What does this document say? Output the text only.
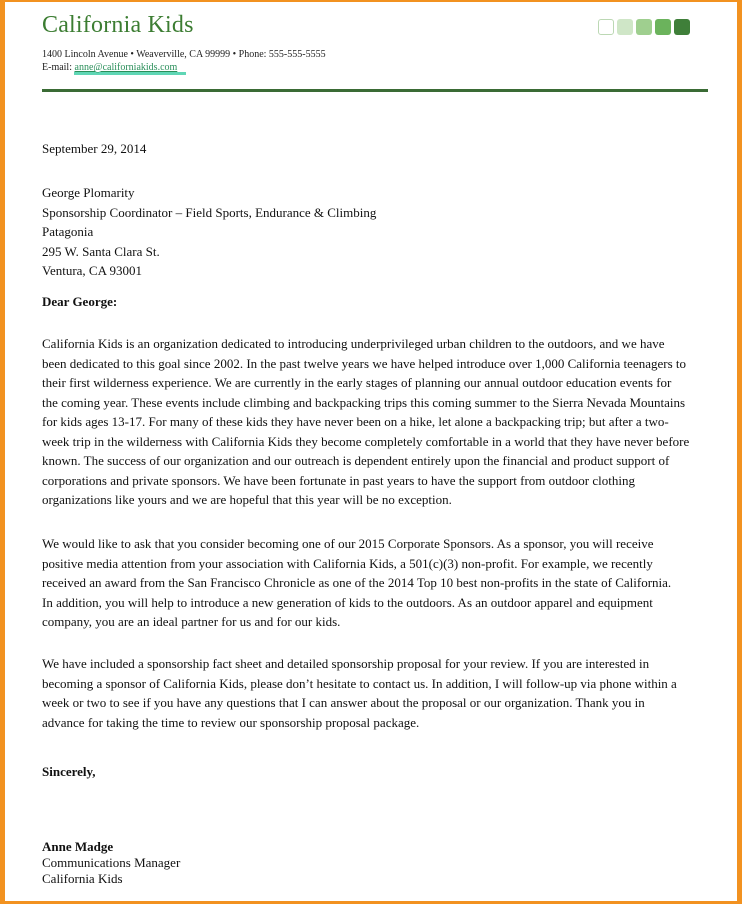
California Kids
1400 Lincoln Avenue • Weaverville, CA 99999 • Phone: 555-555-5555
E-mail: anne@californiakids.com
September 29, 2014
George Plomarity
Sponsorship Coordinator – Field Sports, Endurance & Climbing
Patagonia
295 W. Santa Clara St.
Ventura, CA 93001
Dear George:
California Kids is an organization dedicated to introducing underprivileged urban children to the outdoors, and we have
been dedicated to this goal since 2002. In the past twelve years we have helped introduce over 1,000 California teenagers to
their first wilderness experience. We are currently in the early stages of planning our annual outdoor education events for
the coming year. These events include climbing and backpacking trips this coming summer to the Sierra Nevada Mountains
for kids ages 13-17. For many of these kids they have never been on a hike, let alone a backpacking trip; but after a two-
week trip in the wilderness with California Kids they become completely comfortable in a world that they have never before
known. The success of our organization and our outreach is dependent entirely upon the financial and product support of
corporations and private sponsors. We have been fortunate in past years to have the support from outdoor clothing
organizations like yours and we are hopeful that this year will be no exception.
We would like to ask that you consider becoming one of our 2015 Corporate Sponsors. As a sponsor, you will receive
positive media attention from your association with California Kids, a 501(c)(3) non-profit. For example, we recently
received an award from the San Francisco Chronicle as one of the 2014 Top 10 best non-profits in the state of California.
In addition, you will help to introduce a new generation of kids to the outdoors. As an outdoor apparel and equipment
company, you are an ideal partner for us and for our kids.
We have included a sponsorship fact sheet and detailed sponsorship proposal for your review. If you are interested in
becoming a sponsor of California Kids, please don’t hesitate to contact us. In addition, I will follow-up via phone within a
week or two to see if you have any questions that I can answer about the proposal or our organization. Thank you in
advance for taking the time to review our sponsorship proposal package.
Sincerely,
Anne Madge
Communications Manager
California Kids
